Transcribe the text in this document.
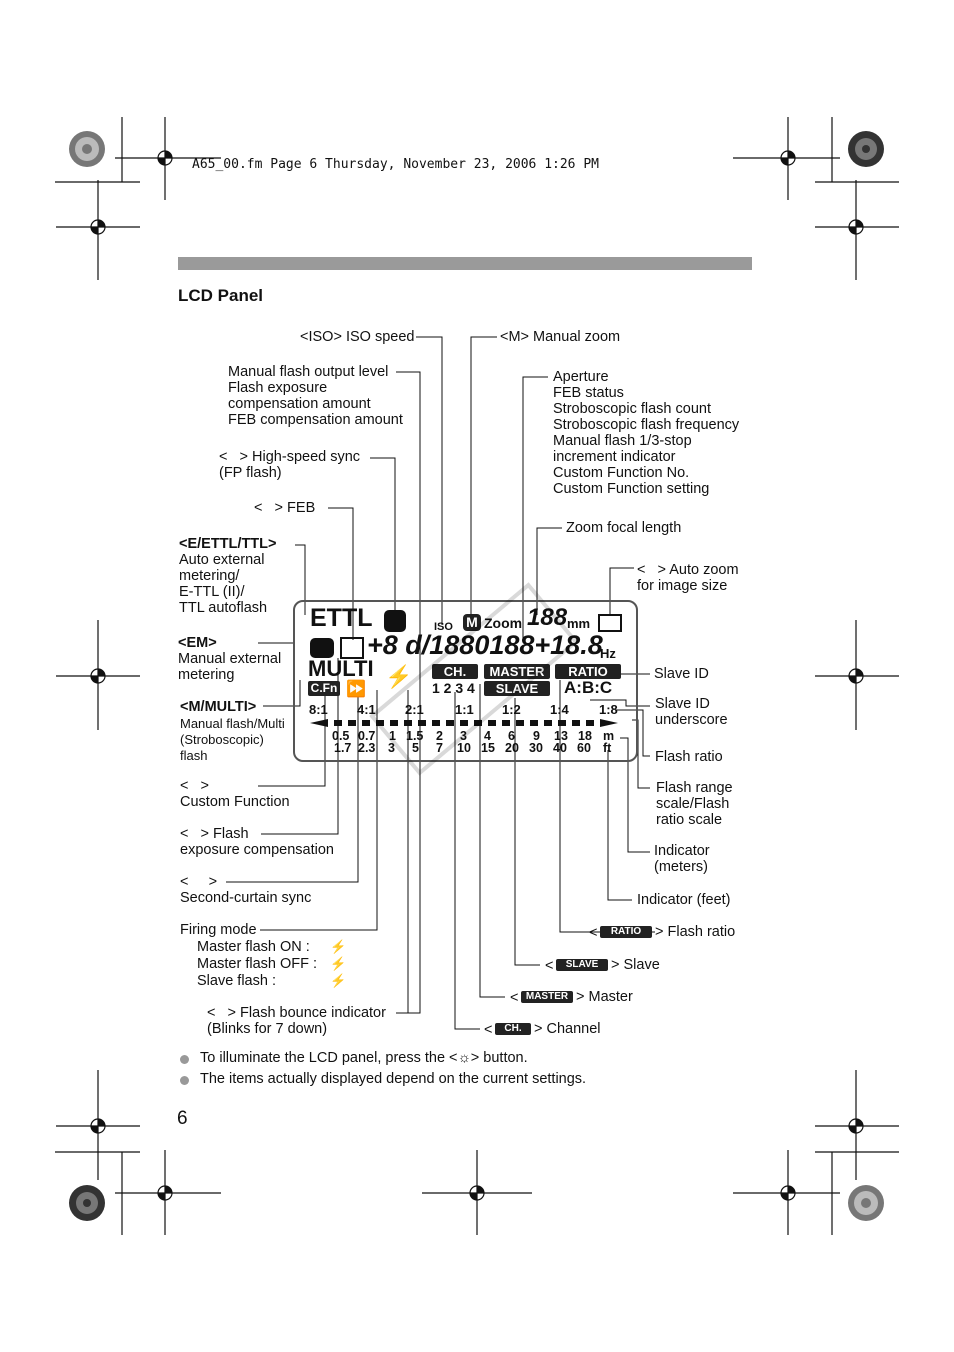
A65_00.fm Page 6 Thursday, November 23, 2006 1:26 PM
LCD Panel
ETTL	ISO M Zoom 188 mm
+8 d/1880188+18.8
Hz
MULTI ⚡	CH.	MASTER	RATIO
C.Fn ⏩	1 2 3 4	SLAVE	A:B:C
8:1 4:1 2:1 1:1 1:2 1:4 1:8
0.5 0.7 1 1.5 2 3 4 6 9 13 18 m
1.7 2.3 3 5 7 10 15 20 30 40 60 ft
<ISO> ISO speed	<M> Manual zoom
Manual flash output level
Flash exposure
compensation amount
FEB compensation amount
Aperture
FEB status
Stroboscopic flash count
Stroboscopic flash frequency
Manual flash 1/3-stop
increment indicator
Custom Function No.
Custom Function setting
<   > High-speed sync
(FP flash)
<   > FEB
Zoom focal length
<   > Auto zoom
for image size
<E/ETTL/TTL>
Auto external
metering/
E-TTL (II)/
TTL autoflash
<EM>
Manual external
metering
<M/MULTI>
Manual flash/Multi
(Stroboscopic)
flash
Slave ID
Slave ID
underscore
Flash ratio
Flash range
scale/Flash
ratio scale
Indicator
(meters)
Indicator (feet)
<   >
Custom Function
<   > Flash
exposure compensation
<     >
Second-curtain sync
Firing mode
Master flash ON :
Master flash OFF :
Slave flash :
⚡
⚡
⚡
<   > Flash bounce indicator
(Blinks for 7 down)
<	RATIO > Flash ratio
<	SLAVE > Slave
< MASTER > Master
<	CH. > Channel
To illuminate the LCD panel, press the <☼> button.
The items actually displayed depend on the current settings.
6
